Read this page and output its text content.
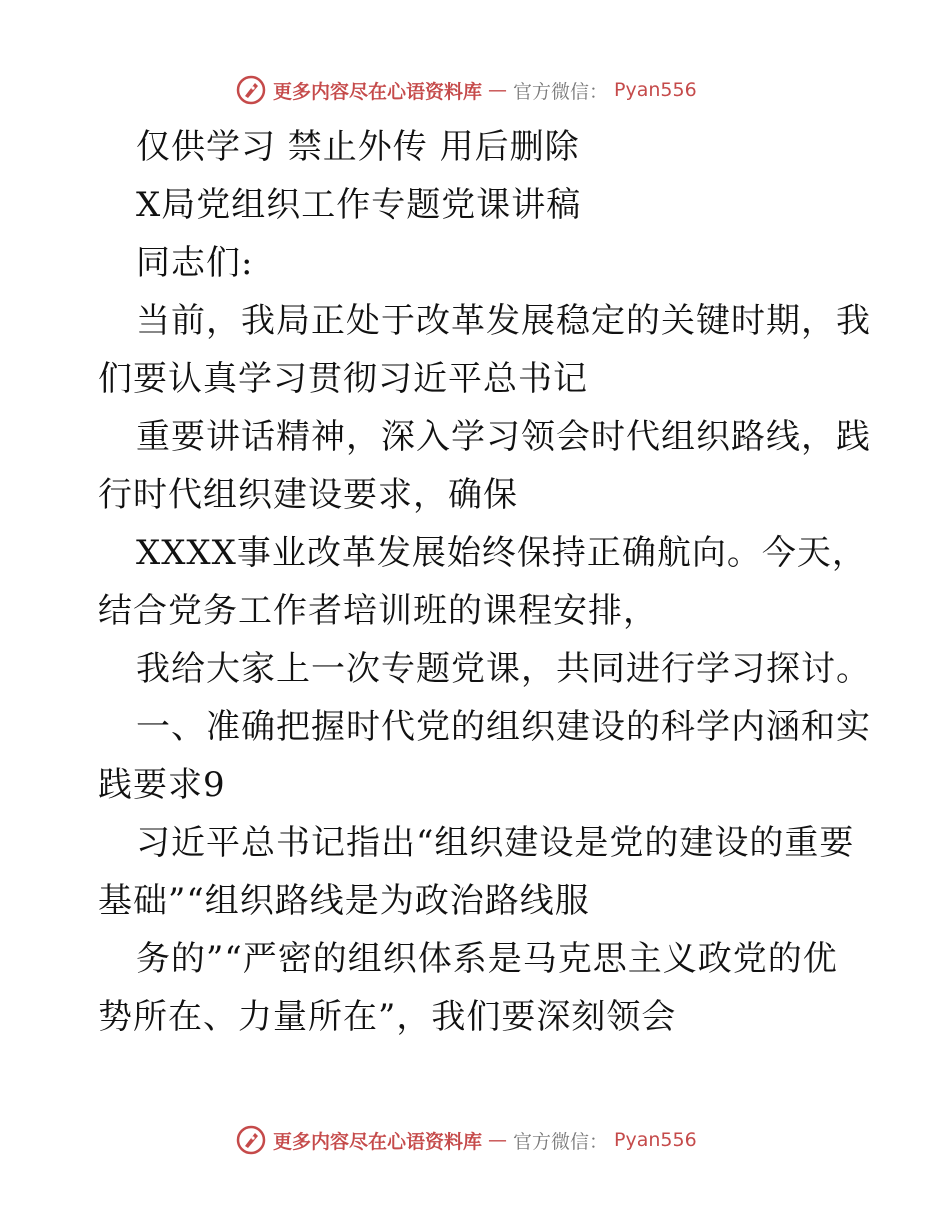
更多内容尽在心语资料库 — 官方微信： Pyan556
仅供学习 禁止外传 用后删除
X局党组织工作专题党课讲稿
同志们:
当前，我局正处于改革发展稳定的关键时期，我
们要认真学习贯彻习近平总书记
重要讲话精神，深入学习领会时代组织路线，践
行时代组织建设要求，确保
XXXX事业改革发展始终保持正确航向。今天，
结合党务工作者培训班的课程安排，
我给大家上一次专题党课，共同进行学习探讨。
一、准确把握时代党的组织建设的科学内涵和实
践要求9
习近平总书记指出“组织建设是党的建设的重要
基础”“组织路线是为政治路线服
务的”“严密的组织体系是马克思主义政党的优
势所在、力量所在”，我们要深刻领会
更多内容尽在心语资料库 — 官方微信： Pyan556
